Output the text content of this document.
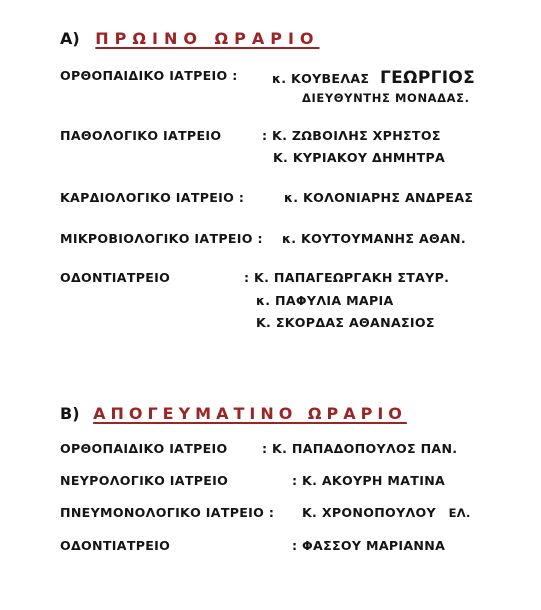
A) ΠΡΩΙΝΟ ΩΡΑΡΙΟ
ΟΡΘΟΠΑΙΔΙΚΟ ΙΑΤΡΕΙΟ :	κ. ΚΟΥΒΕΛΑΣ ΓΕΩΡΓΙΟΣ
ΔΙΕΥΘΥΝΤΗΣ ΜΟΝΑΔΑΣ.
ΠΑΘΟΛΟΓΙΚΟ ΙΑΤΡΕΙΟ	: Κ. ΖΩΒΟΙΛΗΣ ΧΡΗΣΤΟΣ
Κ. ΚΥΡΙΑΚΟΥ ΔΗΜΗΤΡΑ
ΚΑΡΔΙΟΛΟΓΙΚΟ ΙΑΤΡΕΙΟ :	κ. ΚΟΛΟΝΙΑΡΗΣ ΑΝΔΡΕΑΣ
ΜΙΚΡΟΒΙΟΛΟΓΙΚΟ ΙΑΤΡΕΙΟ : κ. ΚΟΥΤΟΥΜΑΝΗΣ ΑΘΑΝ.
ΟΔΟΝΤΙΑΤΡΕΙΟ	: Κ. ΠΑΠΑΓΕΩΡΓΑΚΗ ΣΤΑΥΡ.
κ. ΠΑΦΥΛΙΑ ΜΑΡΙΑ
Κ. ΣΚΟΡΔΑΣ ΑΘΑΝΑΣΙΟΣ
B) ΑΠΟΓΕΥΜΑΤΙΝΟ ΩΡΑΡΙΟ
ΟΡΘΟΠΑΙΔΙΚΟ ΙΑΤΡΕΙΟ	: Κ. ΠΑΠΑΔΟΠΟΥΛΟΣ ΠΑΝ.
ΝΕΥΡΟΛΟΓΙΚΟ ΙΑΤΡΕΙΟ	: Κ. ΑΚΟΥΡΗ ΜΑΤΙΝΑ
ΠΝΕΥΜΟΝΟΛΟΓΙΚΟ ΙΑΤΡΕΙΟ : Κ. ΧΡΟΝΟΠΟΥΛΟΥ ΕΛ.
ΟΔΟΝΤΙΑΤΡΕΙΟ	: ΦΑΣΣΟΥ ΜΑΡΙΑΝΝΑ
